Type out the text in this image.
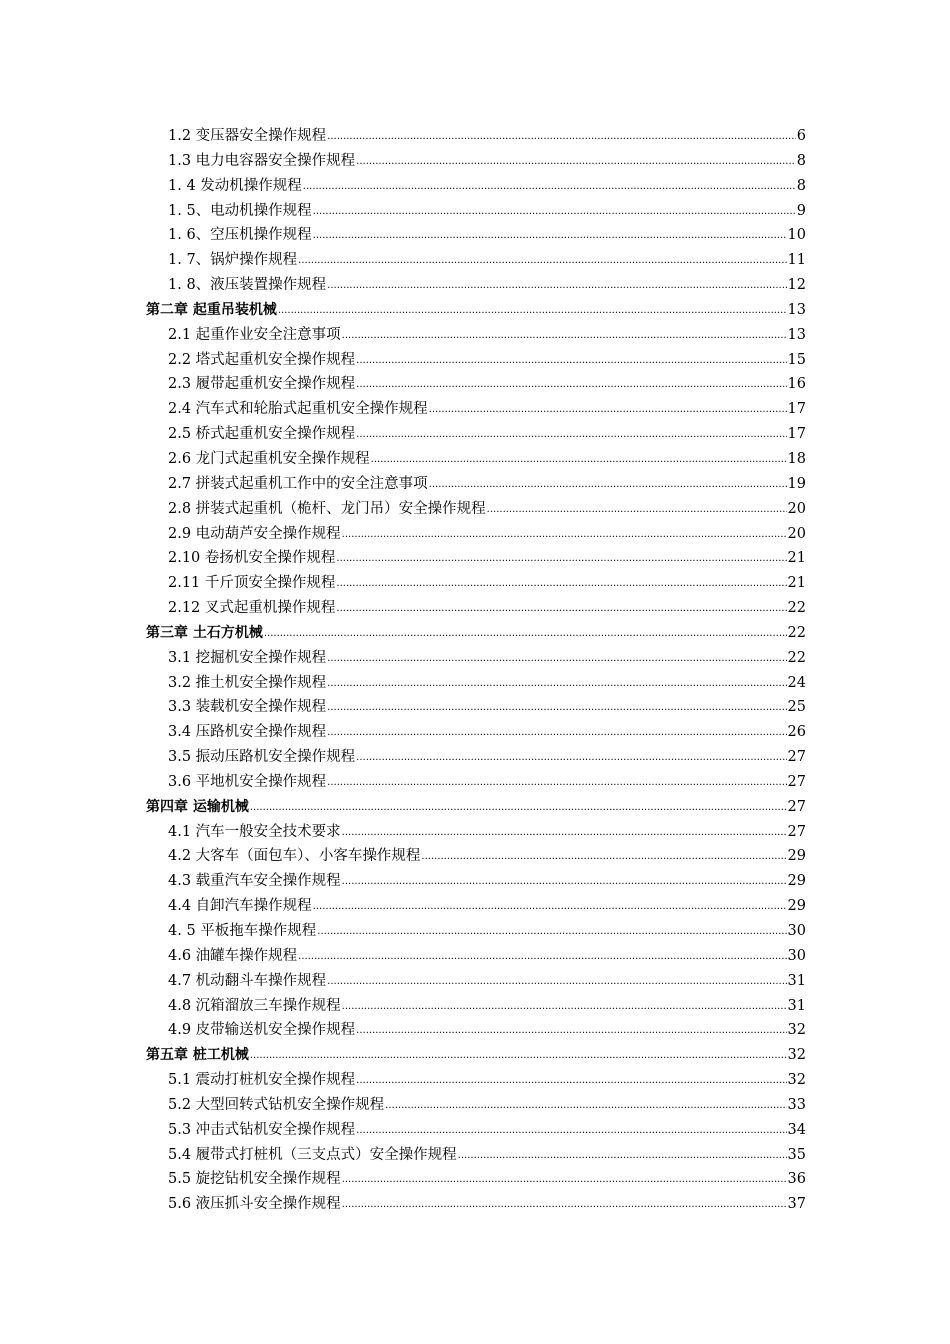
1.2 变压器安全操作规程 .....	6
1.3 电力电容器安全操作规程 .....	8
1. 4 发动机操作规程 .....	8
1. 5、电动机操作规程 .....	9
1. 6、空压机操作规程 .....	10
1. 7、锅炉操作规程 .....	11
1. 8、液压装置操作规程 .....	12
第二章 起重吊装机械 .....	13
2.1 起重作业安全注意事项 .....	13
2.2 塔式起重机安全操作规程 .....	15
2.3 履带起重机安全操作规程 .....	16
2.4 汽车式和轮胎式起重机安全操作规程 .....	17
2.5 桥式起重机安全操作规程 .....	17
2.6 龙门式起重机安全操作规程 .....	18
2.7 拼装式起重机工作中的安全注意事项 .....	19
2.8 拼装式起重机（桅杆、龙门吊）安全操作规程 .....	20
2.9 电动葫芦安全操作规程 .....	20
2.10 卷扬机安全操作规程 .....	21
2.11 千斤顶安全操作规程 .....	21
2.12 叉式起重机操作规程 .....	22
第三章 土石方机械 .....	22
3.1 挖掘机安全操作规程 .....	22
3.2 推土机安全操作规程 .....	24
3.3 装载机安全操作规程 .....	25
3.4 压路机安全操作规程 .....	26
3.5 振动压路机安全操作规程 .....	27
3.6 平地机安全操作规程 .....	27
第四章 运输机械 .....	27
4.1 汽车一般安全技术要求 .....	27
4.2 大客车（面包车）、小客车操作规程 .....	29
4.3 载重汽车安全操作规程 .....	29
4.4 自卸汽车操作规程 .....	29
4. 5 平板拖车操作规程 .....	30
4.6 油罐车操作规程 .....	30
4.7 机动翻斗车操作规程 .....	31
4.8 沉箱溜放三车操作规程 .....	31
4.9 皮带输送机安全操作规程 .....	32
第五章 桩工机械 .....	32
5.1 震动打桩机安全操作规程 .....	32
5.2 大型回转式钻机安全操作规程 .....	33
5.3 冲击式钻机安全操作规程 .....	34
5.4 履带式打桩机（三支点式）安全操作规程 .....	35
5.5 旋挖钻机安全操作规程 .....	36
5.6 液压抓斗安全操作规程 .....	37
